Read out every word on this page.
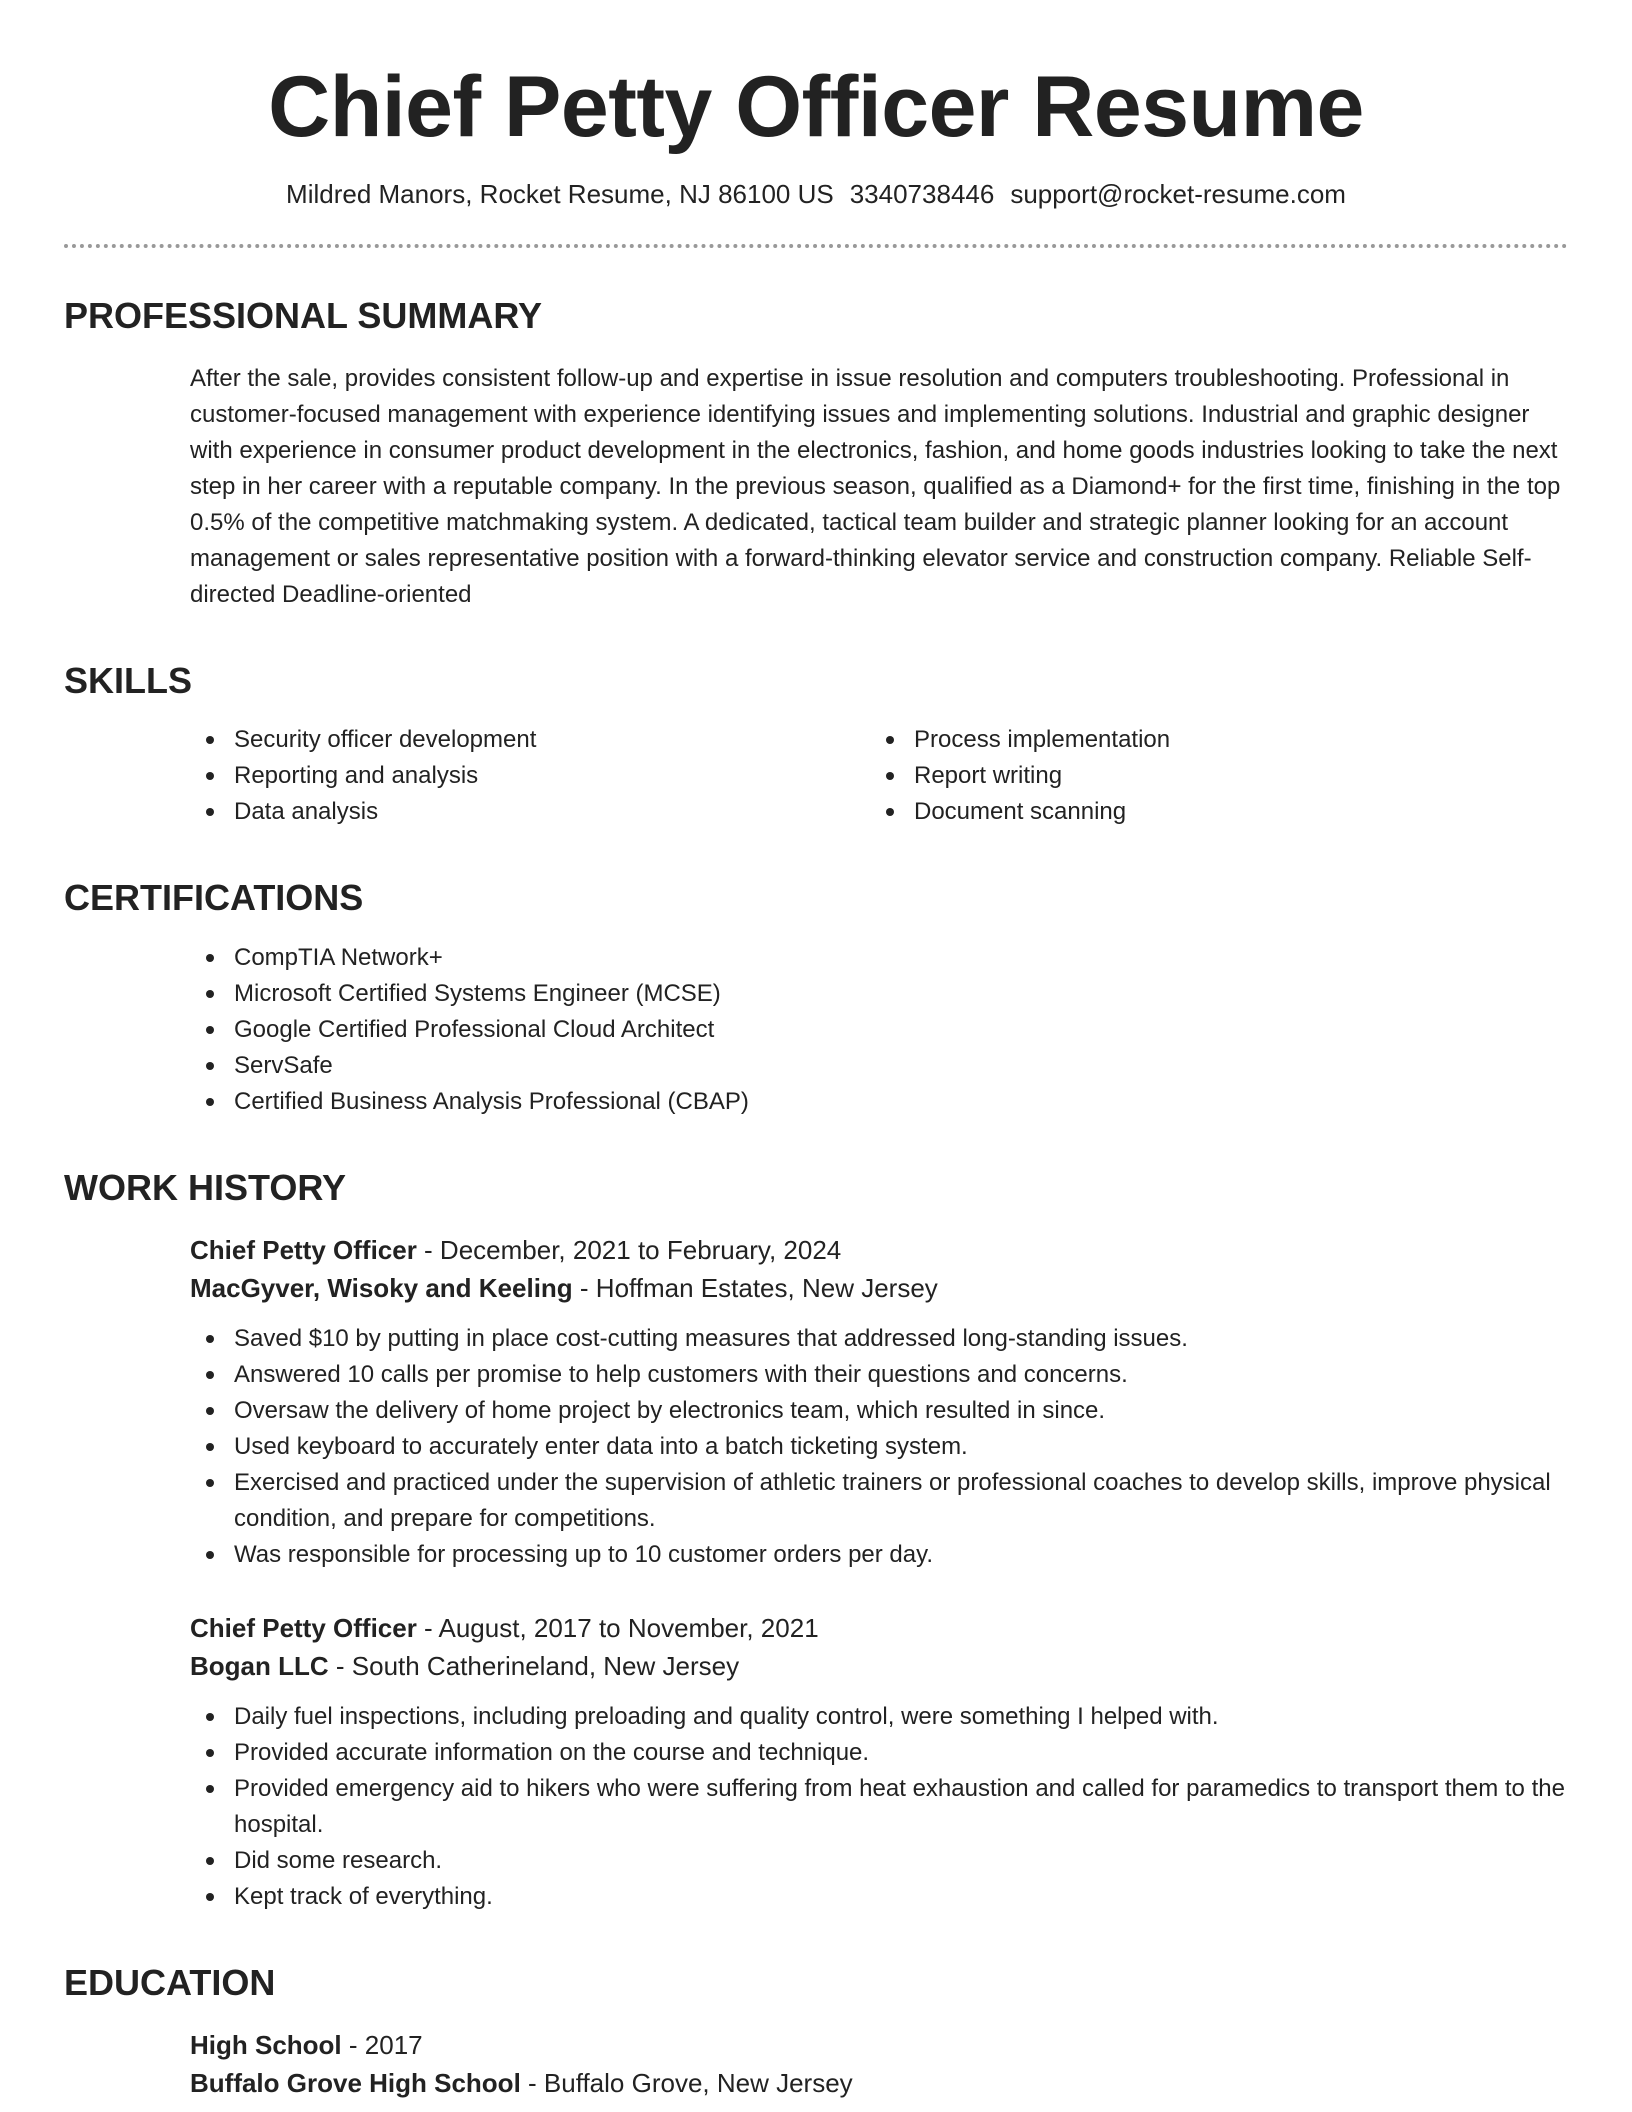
Chief Petty Officer Resume
Mildred Manors, Rocket Resume, NJ 86100 US 3340738446 support@rocket-resume.com
PROFESSIONAL SUMMARY
After the sale, provides consistent follow-up and expertise in issue resolution and computers troubleshooting. Professional in customer-focused management with experience identifying issues and implementing solutions. Industrial and graphic designer with experience in consumer product development in the electronics, fashion, and home goods industries looking to take the next step in her career with a reputable company. In the previous season, qualified as a Diamond+ for the first time, finishing in the top 0.5% of the competitive matchmaking system. A dedicated, tactical team builder and strategic planner looking for an account management or sales representative position with a forward-thinking elevator service and construction company. Reliable Self-directed Deadline-oriented
SKILLS
Security officer development
Reporting and analysis
Data analysis
Process implementation
Report writing
Document scanning
CERTIFICATIONS
CompTIA Network+
Microsoft Certified Systems Engineer (MCSE)
Google Certified Professional Cloud Architect
ServSafe
Certified Business Analysis Professional (CBAP)
WORK HISTORY
Chief Petty Officer - December, 2021 to February, 2024
MacGyver, Wisoky and Keeling - Hoffman Estates, New Jersey
Saved $10 by putting in place cost-cutting measures that addressed long-standing issues.
Answered 10 calls per promise to help customers with their questions and concerns.
Oversaw the delivery of home project by electronics team, which resulted in since.
Used keyboard to accurately enter data into a batch ticketing system.
Exercised and practiced under the supervision of athletic trainers or professional coaches to develop skills, improve physical condition, and prepare for competitions.
Was responsible for processing up to 10 customer orders per day.
Chief Petty Officer - August, 2017 to November, 2021
Bogan LLC - South Catherineland, New Jersey
Daily fuel inspections, including preloading and quality control, were something I helped with.
Provided accurate information on the course and technique.
Provided emergency aid to hikers who were suffering from heat exhaustion and called for paramedics to transport them to the hospital.
Did some research.
Kept track of everything.
EDUCATION
High School - 2017
Buffalo Grove High School - Buffalo Grove, New Jersey
